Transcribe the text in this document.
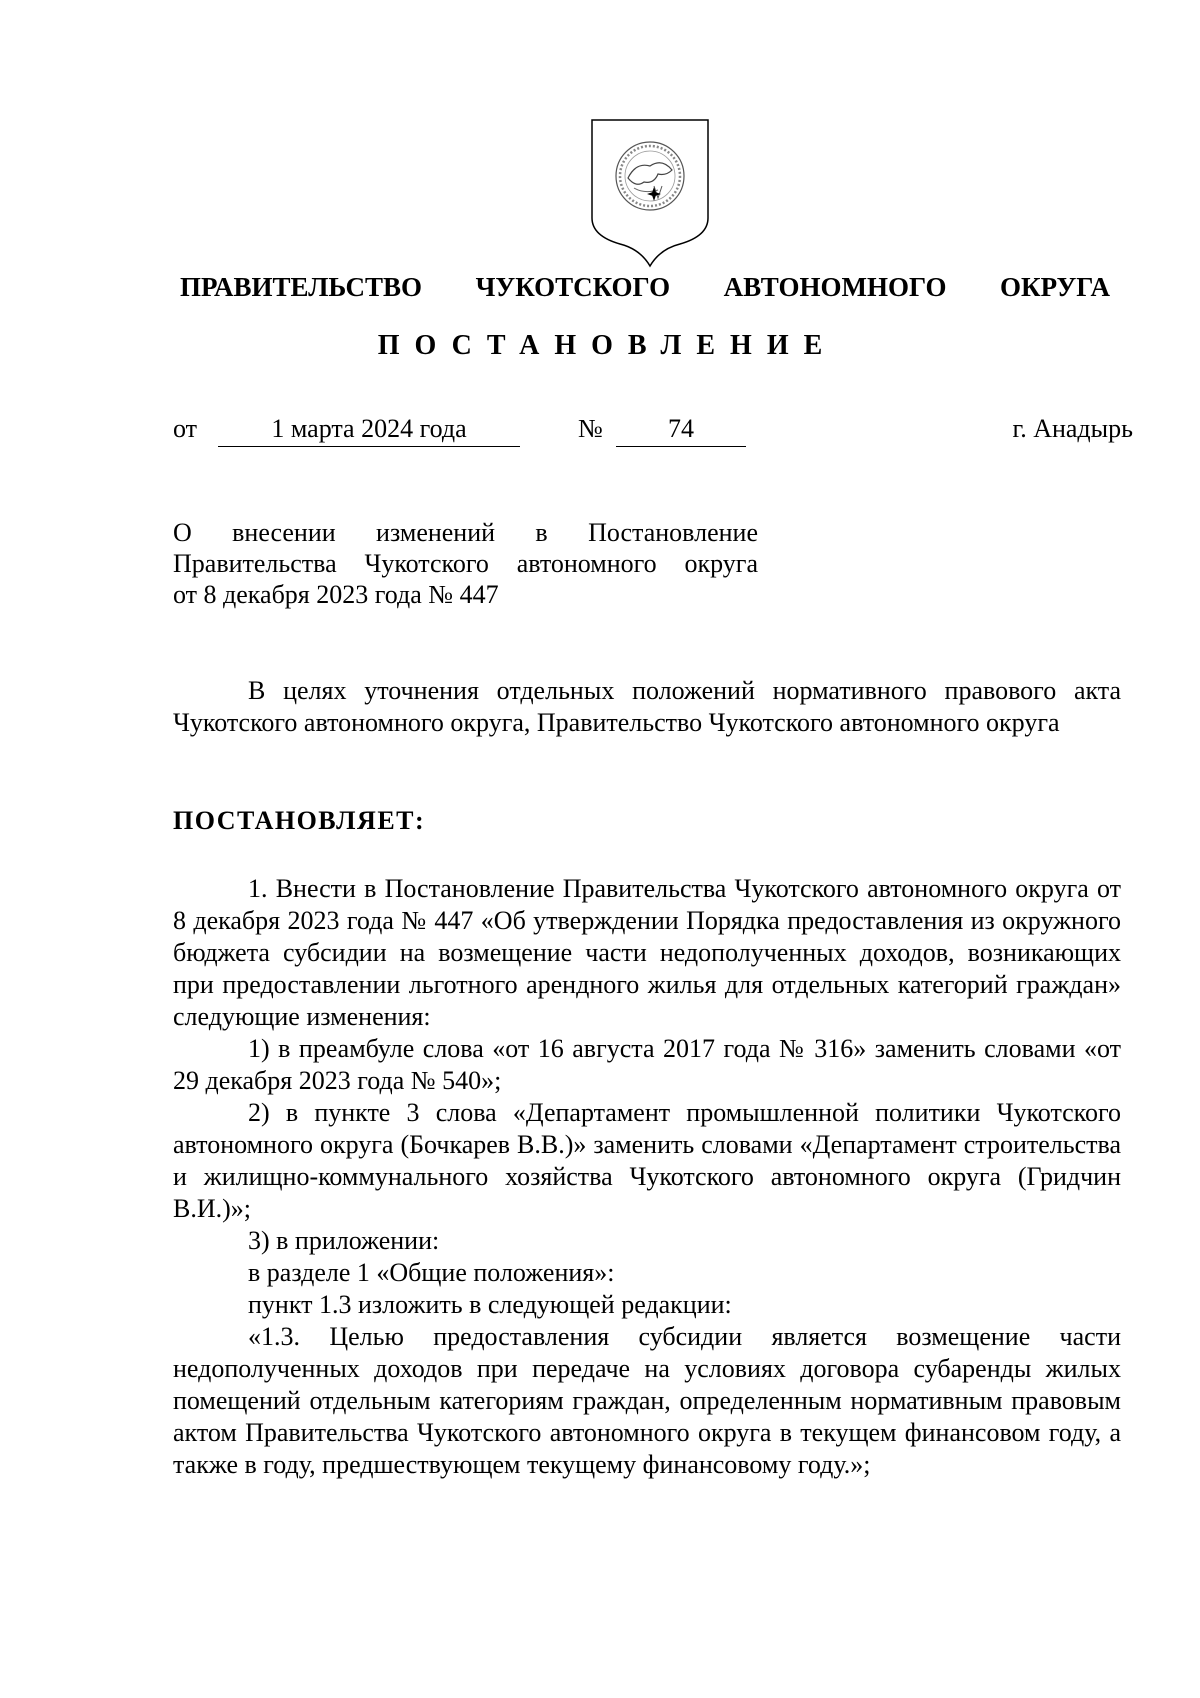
ПРАВИТЕЛЬСТВО ЧУКОТСКОГО АВТОНОМНОГО ОКРУГА
ПОСТАНОВЛЕНИЕ
от	1 марта 2024 года	№	74	г. Анадырь
О внесении изменений в Постановление
Правительства Чукотского автономного округа
от 8 декабря 2023 года № 447

В целях уточнения отдельных положений нормативного правового акта Чукотского автономного округа, Правительство Чукотского автономного округа

ПОСТАНОВЛЯЕТ:

1. Внести в Постановление Правительства Чукотского автономного округа от 8 декабря 2023 года № 447 «Об утверждении Порядка предоставления из окружного бюджета субсидии на возмещение части недополученных доходов, возникающих при предоставлении льготного арендного жилья для отдельных категорий граждан» следующие изменения:

1) в преамбуле слова «от 16 августа 2017 года № 316» заменить словами «от 29 декабря 2023 года № 540»;

2) в пункте 3 слова «Департамент промышленной политики Чукотского автономного округа (Бочкарев В.В.)» заменить словами «Департамент строительства и жилищно-коммунального хозяйства Чукотского автономного округа (Гридчин В.И.)»;

3) в приложении:

в разделе 1 «Общие положения»:

пункт 1.3 изложить в следующей редакции:

«1.3. Целью предоставления субсидии является возмещение части недополученных доходов при передаче на условиях договора субаренды жилых помещений отдельным категориям граждан, определенным нормативным правовым актом Правительства Чукотского автономного округа в текущем финансовом году, а также в году, предшествующем текущему финансовому году.»;
